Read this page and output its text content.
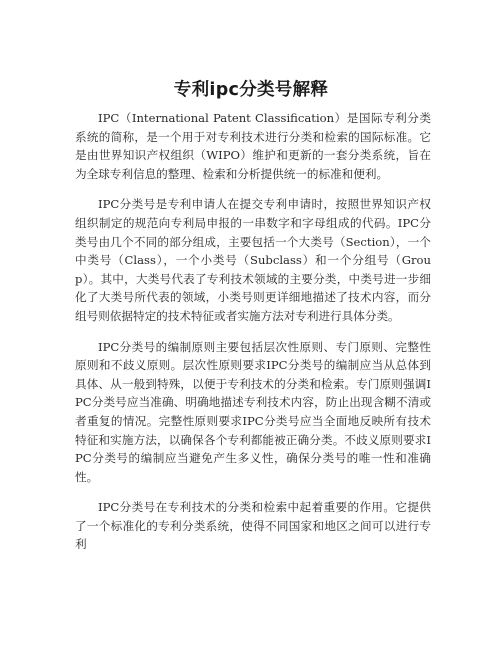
专利ipc分类号解释

IPC（International Patent Classification）是国际专利分类系统的简称，是一个用于对专利技术进行分类和检索的国际标准。它是由世界知识产权组织（WIPO）维护和更新的一套分类系统，旨在为全球专利信息的整理、检索和分析提供统一的标准和便利。

IPC分类号是专利申请人在提交专利申请时，按照世界知识产权组织制定的规范向专利局申报的一串数字和字母组成的代码。IPC分类号由几个不同的部分组成，主要包括一个大类号（Section），一个中类号（Class），一个小类号（Subclass）和一个分组号（Group）。其中，大类号代表了专利技术领域的主要分类，中类号进一步细化了大类号所代表的领域，小类号则更详细地描述了技术内容，而分组号则依据特定的技术特征或者实施方法对专利进行具体分类。

IPC分类号的编制原则主要包括层次性原则、专门原则、完整性原则和不歧义原则。层次性原则要求IPC分类号的编制应当从总体到具体、从一般到特殊，以便于专利技术的分类和检索。专门原则强调IPC分类号应当准确、明确地描述专利技术内容，防止出现含糊不清或者重复的情况。完整性原则要求IPC分类号应当全面地反映所有技术特征和实施方法，以确保各个专利都能被正确分类。不歧义原则要求IPC分类号的编制应当避免产生多义性，确保分类号的唯一性和准确性。

IPC分类号在专利技术的分类和检索中起着重要的作用。它提供了一个标准化的专利分类系统，使得不同国家和地区之间可以进行专利
